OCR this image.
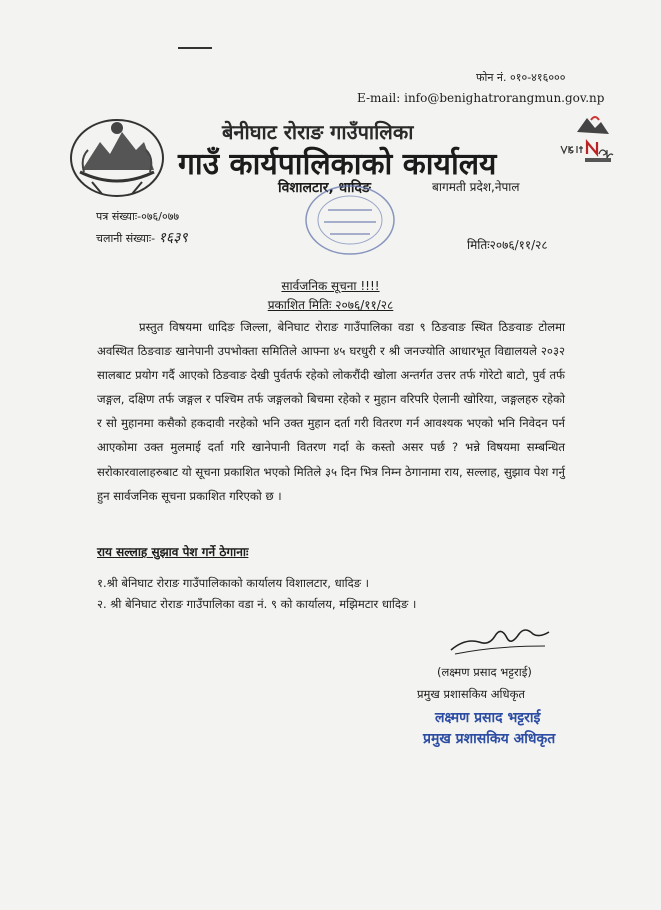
फोन नं. ०१०-४१६०००
E-mail: info@benighatrorangmun.gov.np
बेनीघाट रोराङ गाउँपालिका
गाउँ कार्यपालिकाको कार्यालय
विशालटार, धादिङ	बागमती प्रदेश,नेपाल
पत्र संख्याः-०७६/०७७
चलानी संख्याः- १६३९	मितिः२०७६/११/२८
सार्वजनिक सूचना !!!!
प्रकाशित मितिः २०७६/११/२८
प्रस्तुत विषयमा धादिङ जिल्ला, बेनिघाट रोराङ गाउँपालिका वडा ९ ठिङवाङ स्थित ठिङवाङ टोलमा अवस्थित ठिङवाङ खानेपानी उपभोक्ता समितिले आफ्ना ४५ घरधुरी र श्री जनज्योति आधारभूत विद्यालयले २०३२ सालबाट प्रयोग गर्दै आएको ठिङवाङ देखी पुर्वतर्फ रहेको लोकरौंदी खोला अन्तर्गत उत्तर तर्फ गोरेटो बाटो, पुर्व तर्फ जङ्गल, दक्षिण तर्फ जङ्गल र पश्चिम तर्फ जङ्गलको बिचमा रहेको र मुहान वरिपरि ऐलानी खोरिया, जङ्गलहरु रहेको र सो मुहानमा कसैको हकदावी नरहेको भनि उक्त मुहान दर्ता गरी वितरण गर्न आवश्यक भएको भनि निवेदन पर्न आएकोमा उक्त मुलमाई दर्ता गरि खानेपानी वितरण गर्दा के कस्तो असर पर्छ ? भन्ने विषयमा सम्बन्धित सरोकारवालाहरुबाट यो सूचना प्रकाशित भएको मितिले ३५ दिन भित्र निम्न ठेगानामा राय, सल्लाह, सुझाव पेश गर्नु हुन सार्वजनिक सूचना प्रकाशित गरिएको छ ।
राय सल्लाह सुझाव पेश गर्ने ठेगानाः
१.श्री बेनिघाट रोराङ गाउँपालिकाको कार्यालय विशालटार, धादिङ ।
२. श्री बेनिघाट रोराङ गाउँपालिका वडा नं. ९ को कार्यालय, मझिमटार धादिङ ।
(लक्ष्मण प्रसाद भट्टराई)
प्रमुख प्रशासकिय अधिकृत
लक्ष्मण प्रसाद भट्टराई
प्रमुख प्रशासकिय अधिकृत
